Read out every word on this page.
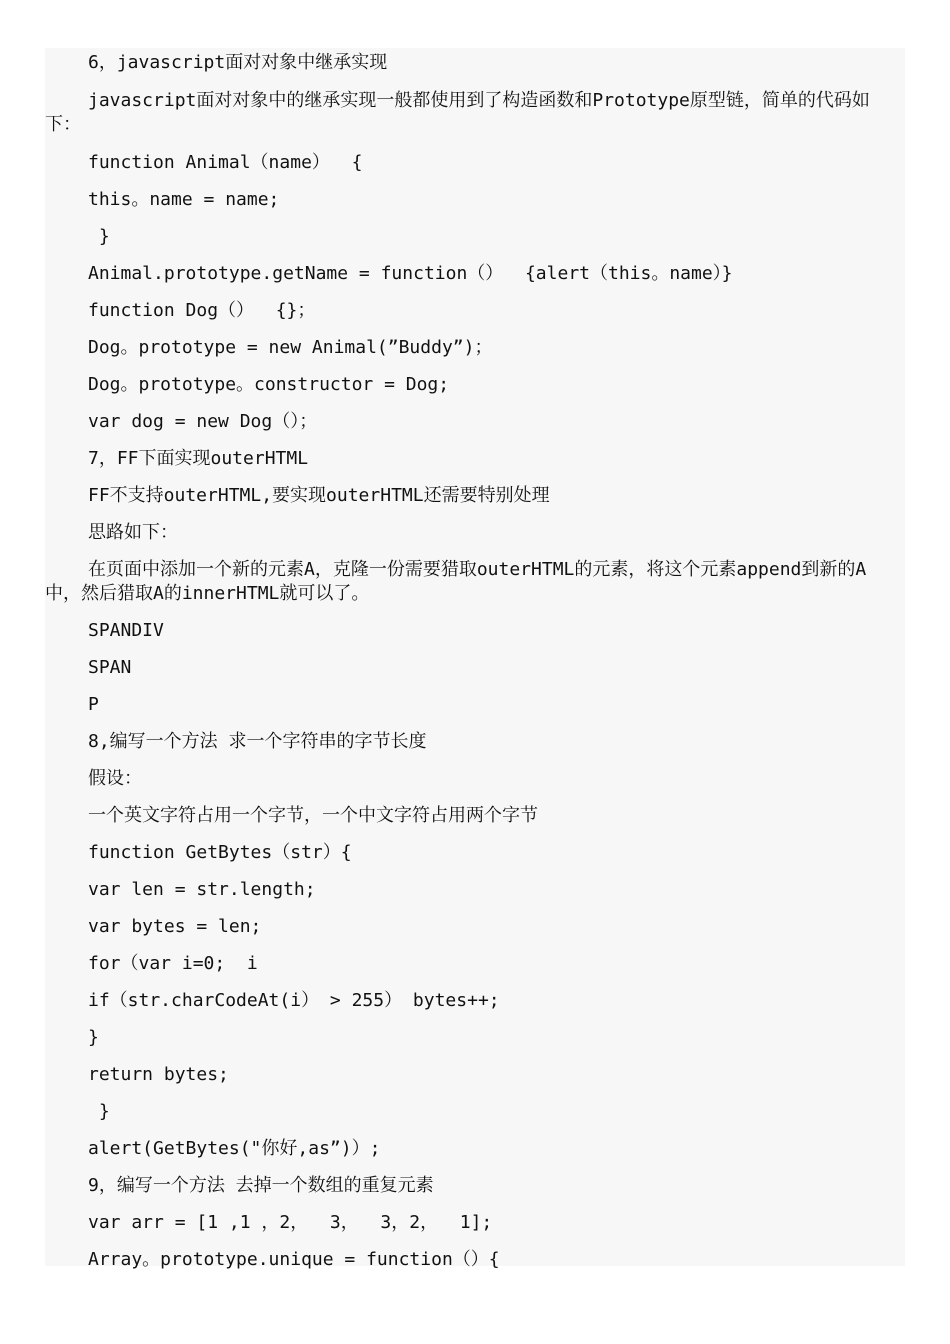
6，javascript面对对象中继承实现

javascript面对对象中的继承实现一般都使用到了构造函数和Prototype原型链，简单的代码如下：

function Animal（name）  {

this。name = name;

}

Animal.prototype.getName = function（）  {alert（this。name）}

function Dog（）  {}；

Dog。prototype = new Animal(”Buddy”)；

Dog。prototype。constructor = Dog;

var dog = new Dog（）；

7，FF下面实现outerHTML

FF不支持outerHTML,要实现outerHTML还需要特别处理

思路如下：

在页面中添加一个新的元素A，克隆一份需要猎取outerHTML的元素，将这个元素append到新的A中，然后猎取A的innerHTML就可以了。

SPANDIV

SPAN

P

8,编写一个方法 求一个字符串的字节长度

假设：

一个英文字符占用一个字节，一个中文字符占用两个字节

function GetBytes（str）{

var len = str.length;

var bytes = len;

for（var i=0;  i

if（str.charCodeAt(i） > 255） bytes++;

}

return bytes;

}

alert(GetBytes("你好,as”)）;

9，编写一个方法 去掉一个数组的重复元素

var arr = [1 ,1 ，2，  3，  3，2，  1];

Array。prototype.unique = function（）{
